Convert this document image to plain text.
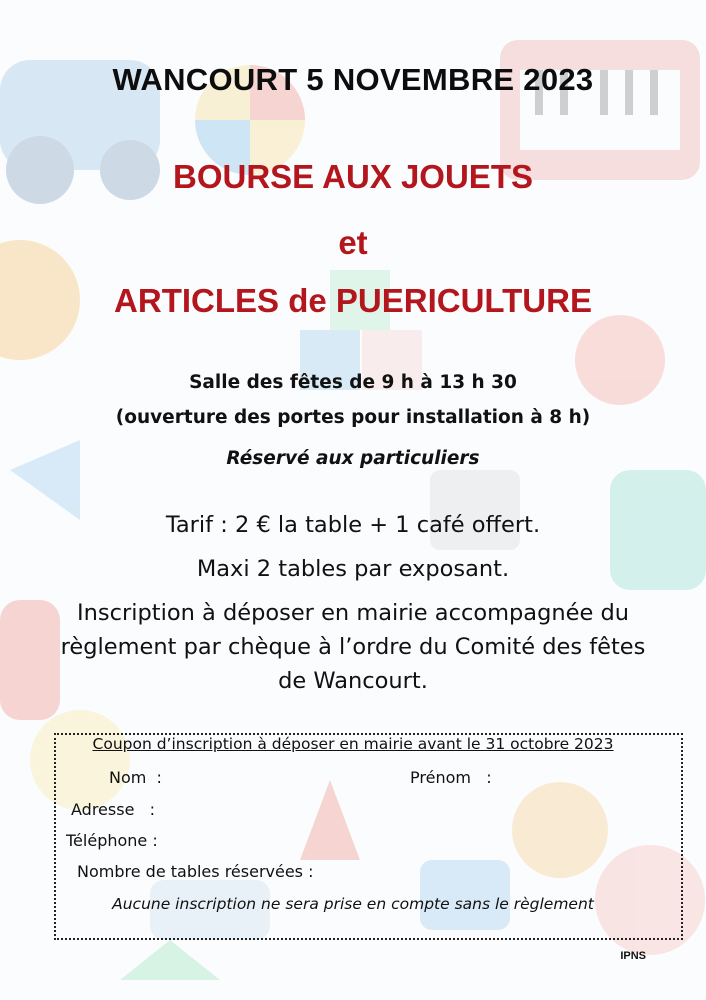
WANCOURT 5 NOVEMBRE 2023
BOURSE AUX JOUETS
et
ARTICLES de PUERICULTURE
Salle des fêtes de 9 h à 13 h 30
(ouverture des portes pour installation à 8 h)
Réservé aux particuliers
Tarif : 2 € la table + 1 café offert.
Maxi 2 tables par exposant.
Inscription à déposer en mairie accompagnée du règlement par chèque à l’ordre du Comité des fêtes de Wancourt.
Coupon d’inscription à déposer en mairie avant le 31 octobre 2023
Nom  :	Prénom   :
Adresse   :
Téléphone :
Nombre de tables réservées :
Aucune inscription ne sera prise en compte sans le règlement
IPNS
